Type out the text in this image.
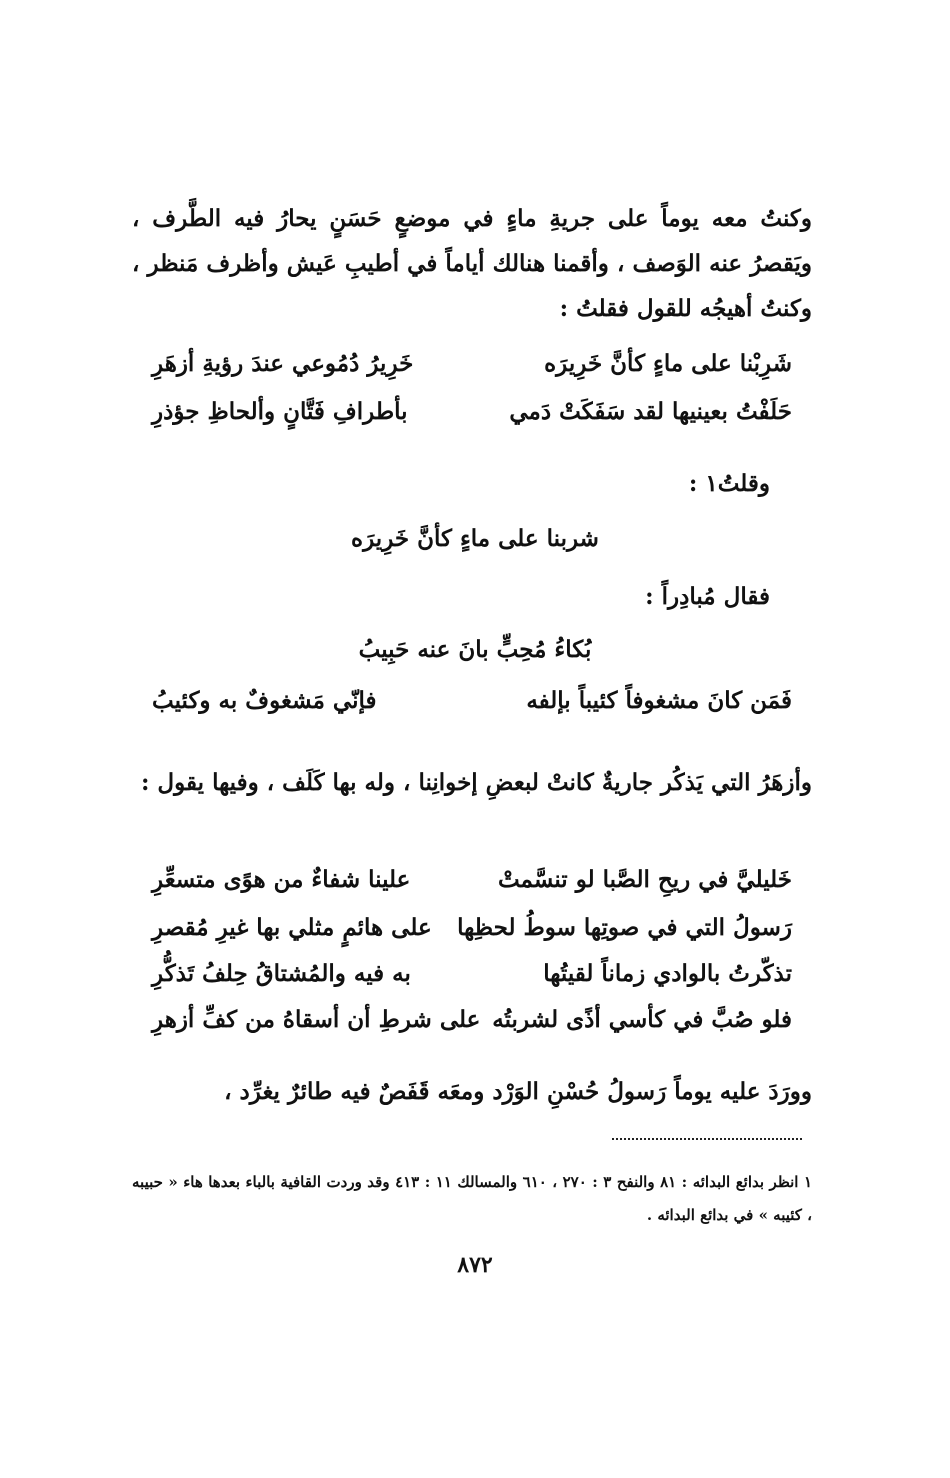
وكنتُ معه يوماً على جريةِ ماءٍ في موضعٍ حَسَنٍ يحارُ فيه الطَّرف ، ويَقصرُ عنه الوَصف ، وأقمنا هنالك أياماً في أطيبِ عَيش وأظرف مَنظر ، وكنتُ أهيجُه للقول فقلتُ :
شَرِبْنا على ماءٍ كأنَّ خَرِيرَه
خَرِيرُ دُمُوعي عندَ رؤيةِ أزهَرِ
حَلَفْتُ بعينيها لقد سَفَكَتْ دَمي
بأطرافِ فَتَّانٍ وألحاظِ جؤذرِ
وقلتُ١ :
شربنا على ماءٍ كأنَّ خَرِيرَه
فقال مُبادِراً :
بُكاءُ مُحِبٍّ بانَ عنه حَبِيبُ
فَمَن كانَ مشغوفاً كئيباً بإلفه
فإنّي مَشغوفٌ به وكئيبُ
وأزهَرُ التي يَذكُر جاريةٌ كانتْ لبعضِ إخوانِنا ، وله بها كَلَف ، وفيها يقول :
خَليليَّ في ريحِ الصَّبا لو تنسَّمتْ
علينا شفاءٌ من هوًى متسعِّرِ
رَسولُ التي في صوتِها سوطُ لحظِها
على هائمٍ مثلي بها غيرِ مُقصرِ
تذكّرتُ بالوادي زماناً لقيتُها
به فيه والمُشتاقُ حِلفُ تَذكُّرِ
فلو صُبَّ في كأسي أذًى لشربتُه
على شرطِ أن أسقاهُ من كفِّ أزهرِ
وورَدَ عليه يوماً رَسولُ حُسْنِ الوَرْد ومعَه قَفَصٌ فيه طائرٌ يغرِّد ،
١ انظر بدائع البدائه : ٨١ والنفح ٣ : ٢٧٠ ، ٦١٠ والمسالك ١١ : ٤١٣ وقد وردت القافية بالباء بعدها هاء « حبيبه ، كئيبه » في بدائع البدائه .
٨٧٢
